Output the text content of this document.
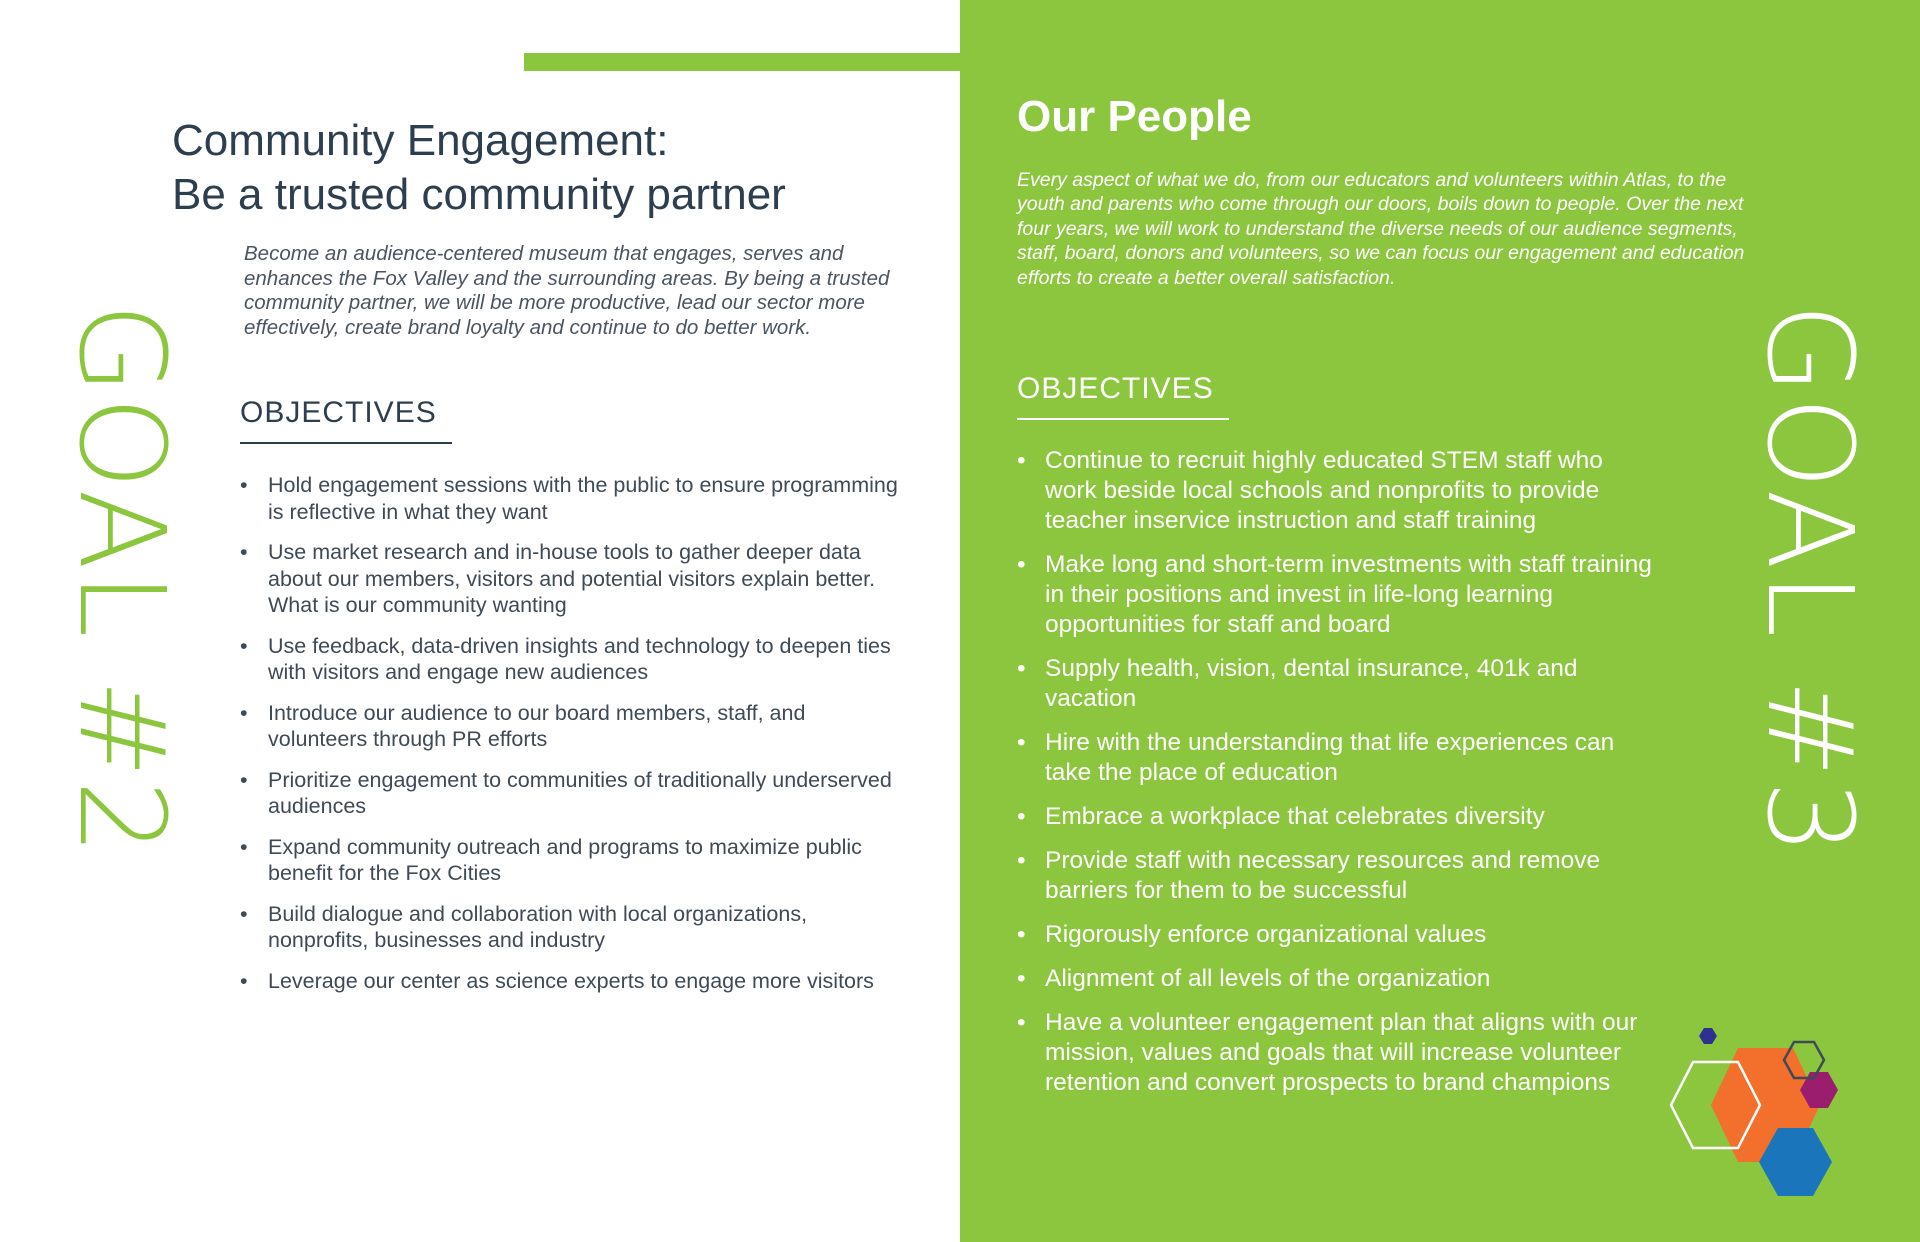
GOAL #2
Community Engagement:
Be a trusted community partner

Become an audience-centered museum that engages, serves and enhances the Fox Valley and the surrounding areas. By being a trusted community partner, we will be more productive, lead our sector more effectively, create brand loyalty and continue to do better work.

OBJECTIVES
• Hold engagement sessions with the public to ensure programming is reflective in what they want
• Use market research and in-house tools to gather deeper data about our members, visitors and potential visitors explain better. What is our community wanting
• Use feedback, data-driven insights and technology to deepen ties with visitors and engage new audiences
• Introduce our audience to our board members, staff, and volunteers through PR efforts
• Prioritize engagement to communities of traditionally underserved audiences
• Expand community outreach and programs to maximize public benefit for the Fox Cities
• Build dialogue and collaboration with local organizations, nonprofits, businesses and industry
• Leverage our center as science experts to engage more visitors
Our People

Every aspect of what we do, from our educators and volunteers within Atlas, to the youth and parents who come through our doors, boils down to people. Over the next four years, we will work to understand the diverse needs of our audience segments, staff, board, donors and volunteers, so we can focus our engagement and education efforts to create a better overall satisfaction.

OBJECTIVES
• Continue to recruit highly educated STEM staff who work beside local schools and nonprofits to provide teacher inservice instruction and staff training
• Make long and short-term investments with staff training in their positions and invest in life-long learning opportunities for staff and board
• Supply health, vision, dental insurance, 401k and vacation
• Hire with the understanding that life experiences can take the place of education
• Embrace a workplace that celebrates diversity
• Provide staff with necessary resources and remove barriers for them to be successful
• Rigorously enforce organizational values
• Alignment of all levels of the organization
• Have a volunteer engagement plan that aligns with our mission, values and goals that will increase volunteer retention and convert prospects to brand champions
GOAL #3
